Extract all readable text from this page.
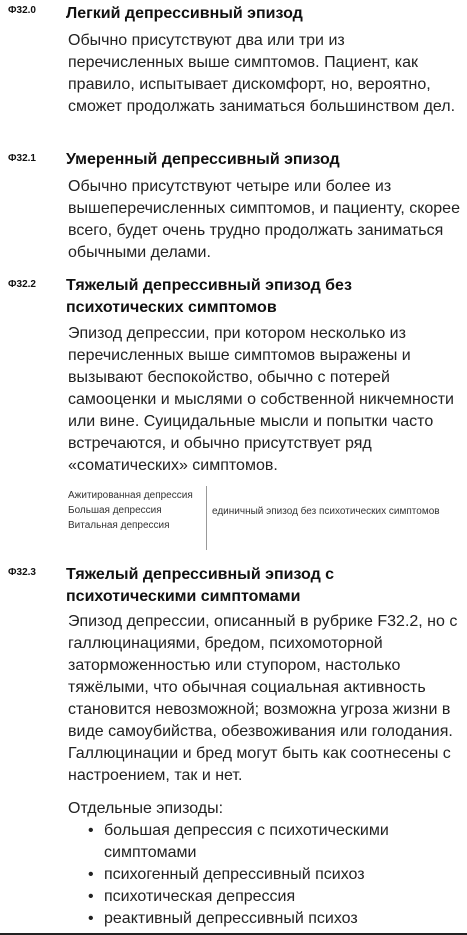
Ф32.0 Легкий депрессивный эпизод
Обычно присутствуют два или три из перечисленных выше симптомов. Пациент, как правило, испытывает дискомфорт, но, вероятно, сможет продолжать заниматься большинством дел.
Ф32.1 Умеренный депрессивный эпизод
Обычно присутствуют четыре или более из вышеперечисленных симптомов, и пациенту, скорее всего, будет очень трудно продолжать заниматься обычными делами.
Ф32.2 Тяжелый депрессивный эпизод без психотических симптомов
Эпизод депрессии, при котором несколько из перечисленных выше симптомов выражены и вызывают беспокойство, обычно с потерей самооценки и мыслями о собственной никчемности или вине. Суицидальные мысли и попытки часто встречаются, и обычно присутствует ряд «соматических» симптомов.
Ажитированная депрессия
Большая депрессия
Витальная депрессия
единичный эпизод без психотических симптомов
Ф32.3 Тяжелый депрессивный эпизод с психотическими симптомами
Эпизод депрессии, описанный в рубрике F32.2, но с галлюцинациями, бредом, психомоторной заторможенностью или ступором, настолько тяжёлыми, что обычная социальная активность становится невозможной; возможна угроза жизни в виде самоубийства, обезвоживания или голодания. Галлюцинации и бред могут быть как соотнесены с настроением, так и нет.
Отдельные эпизоды:
• большая депрессия с психотическими симптомами
• психогенный депрессивный психоз
• психотическая депрессия
• реактивный депрессивный психоз
